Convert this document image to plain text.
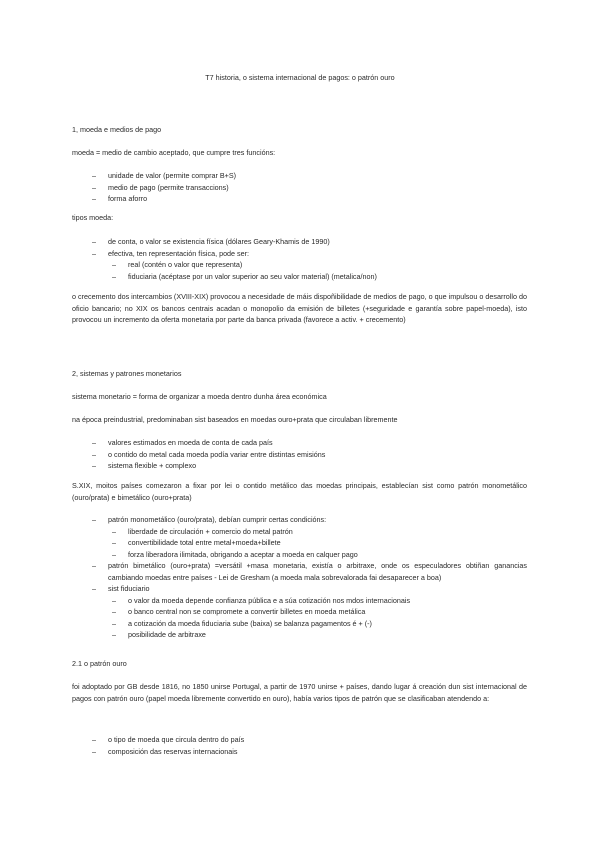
T7 historia, o sistema internacional de pagos: o patrón ouro
1, moeda e medios de pago
moeda = medio de cambio aceptado, que cumpre tres funcións:
– unidade de valor (permite comprar B+S)
– medio de pago (permite transaccions)
– forma aforro
tipos moeda:
– de conta, o valor se existencia física (dólares Geary-Khamis de 1990)
– efectiva, ten representación física, pode ser:
– real (contén o valor que representa)
– fiduciaria (acéptase por un valor superior ao seu valor material) (metalica/non)

o crecemento dos intercambios (XVIII-XIX) provocou a necesidade de máis dispoñibilidade de medios de pago, o que impulsou o desarrollo do oficio bancario; no XIX os bancos centrais acadan o monopolio da emisión de billetes (+seguridade e garantía sobre papel-moeda), isto provocou un incremento da oferta monetaria por parte da banca privada (favorece a activ. + crecemento)

2, sistemas y patrones monetarios
sistema monetario = forma de organizar a moeda dentro dunha área económica
na época preindustrial, predominaban sist baseados en moedas ouro+prata que circulaban libremente
– valores estimados en moeda de conta de cada país
– o contido do metal cada moeda podía variar entre distintas emisións
– sistema flexible + complexo

S.XIX, moitos países comezaron a fixar por lei o contido metálico das moedas principais, establecían sist como patrón monometálico (ouro/prata) e bimetálico (ouro+prata)

– patrón monometálico (ouro/prata), debían cumprir certas condicións:
– liberdade de circulación + comercio do metal patrón
– convertibilidade total entre metal+moeda+billete
– forza liberadora ilimitada, obrigando a aceptar a moeda en calquer pago
– patrón bimetálico (ouro+prata) =versátil +masa monetaria, existía o arbitraxe, onde os especuladores obtiñan ganancias cambiando moedas entre países - Lei de Gresham (a moeda mala sobrevalorada fai desaparecer a boa)
– sist fiduciario
– o valor da moeda depende confianza pública e a súa cotización nos mdos internacionais
– o banco central non se compromete a convertir billetes en moeda metálica
– a cotización da moeda fiduciaria sube (baixa) se balanza pagamentos é + (-)
– posibilidade de arbitraxe
2.1 o patrón ouro

foi adoptado por GB desde 1816, no 1850 unirse Portugal, a partir de 1970 unirse + países, dando lugar á creación dun sist internacional de pagos con patrón ouro (papel moeda libremente convertido en ouro), había varios tipos de patrón que se clasificaban atendendo a:

– o tipo de moeda que circula dentro do país
– composición das reservas internacionais
